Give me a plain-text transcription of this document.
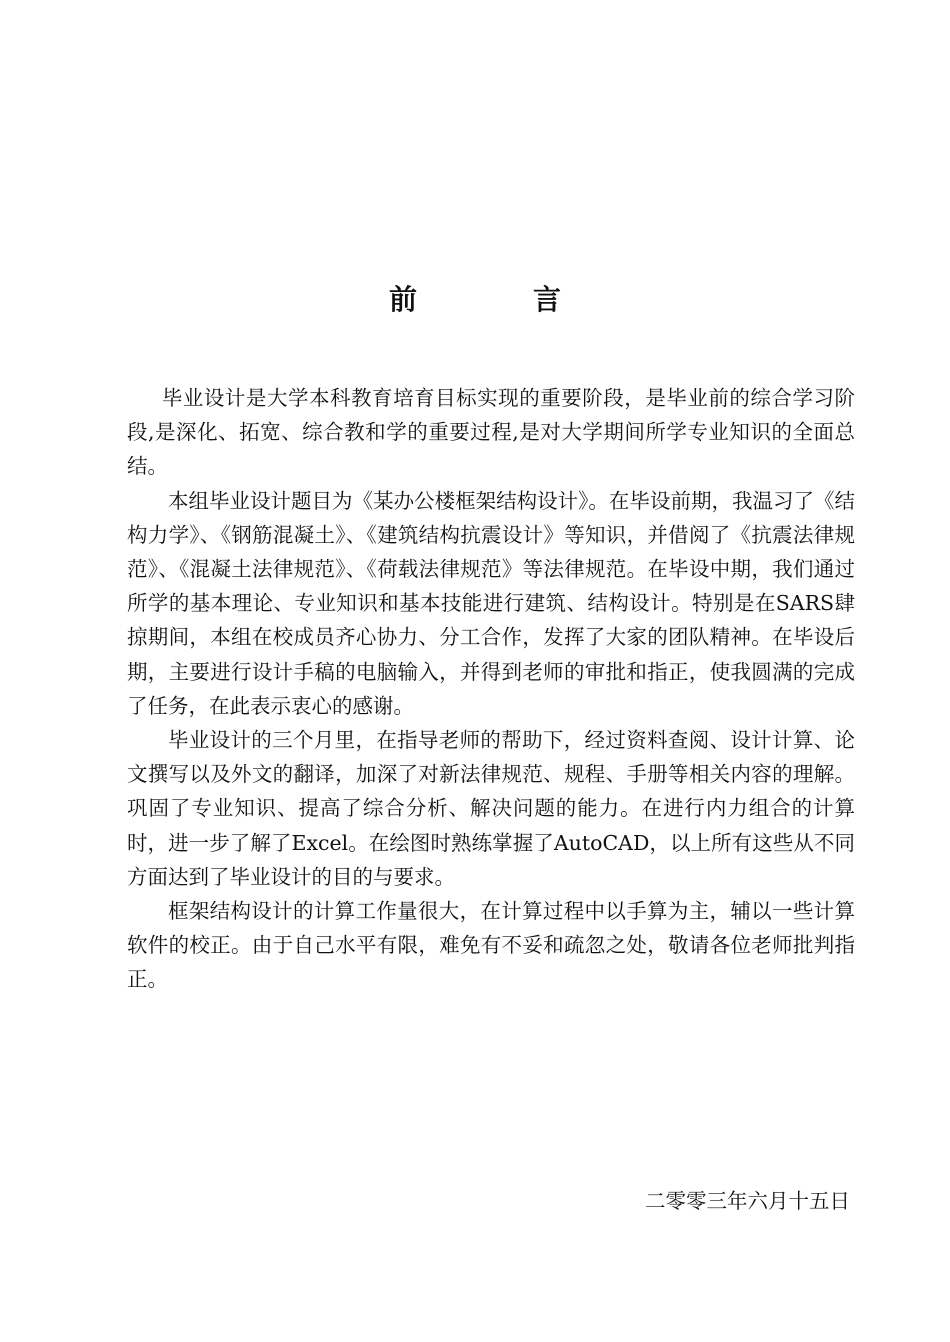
前　言

毕业设计是大学本科教育培育目标实现的重要阶段，是毕业前的综合学习阶段,是深化、拓宽、综合教和学的重要过程,是对大学期间所学专业知识的全面总结。

本组毕业设计题目为《某办公楼框架结构设计》。在毕设前期，我温习了《结构力学》、《钢筋混凝土》、《建筑结构抗震设计》等知识，并借阅了《抗震法律规范》、《混凝土法律规范》、《荷载法律规范》等法律规范。在毕设中期，我们通过所学的基本理论、专业知识和基本技能进行建筑、结构设计。特别是在SARS肆掠期间，本组在校成员齐心协力、分工合作，发挥了大家的团队精神。在毕设后期，主要进行设计手稿的电脑输入，并得到老师的审批和指正，使我圆满的完成了任务，在此表示衷心的感谢。

毕业设计的三个月里，在指导老师的帮助下，经过资料查阅、设计计算、论文撰写以及外文的翻译，加深了对新法律规范、规程、手册等相关内容的理解。巩固了专业知识、提高了综合分析、解决问题的能力。在进行内力组合的计算时，进一步了解了Excel。在绘图时熟练掌握了AutoCAD，以上所有这些从不同方面达到了毕业设计的目的与要求。

框架结构设计的计算工作量很大，在计算过程中以手算为主，辅以一些计算软件的校正。由于自己水平有限，难免有不妥和疏忽之处，敬请各位老师批判指正。

二零零三年六月十五日
